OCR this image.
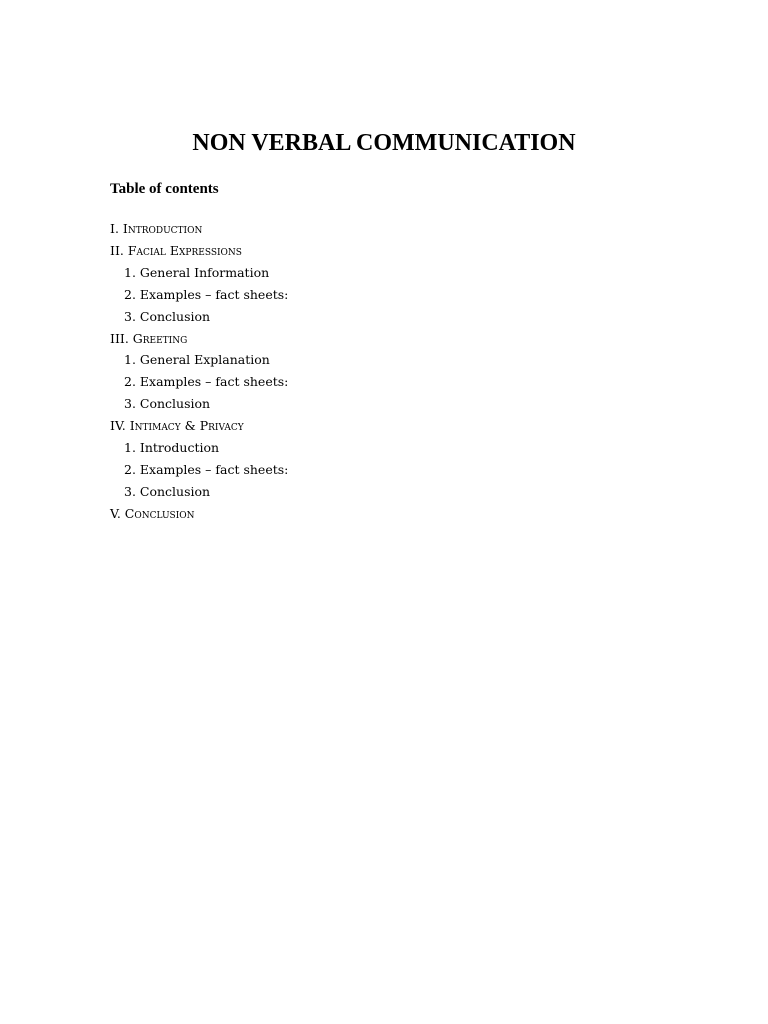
NON VERBAL COMMUNICATION
Table of contents
I. Introduction
II. Facial Expressions
1. General Information
2. Examples – fact sheets:
3. Conclusion
III. Greeting
1. General Explanation
2. Examples – fact sheets:
3. Conclusion
IV. Intimacy & Privacy
1. Introduction
2. Examples – fact sheets:
3. Conclusion
V. Conclusion
